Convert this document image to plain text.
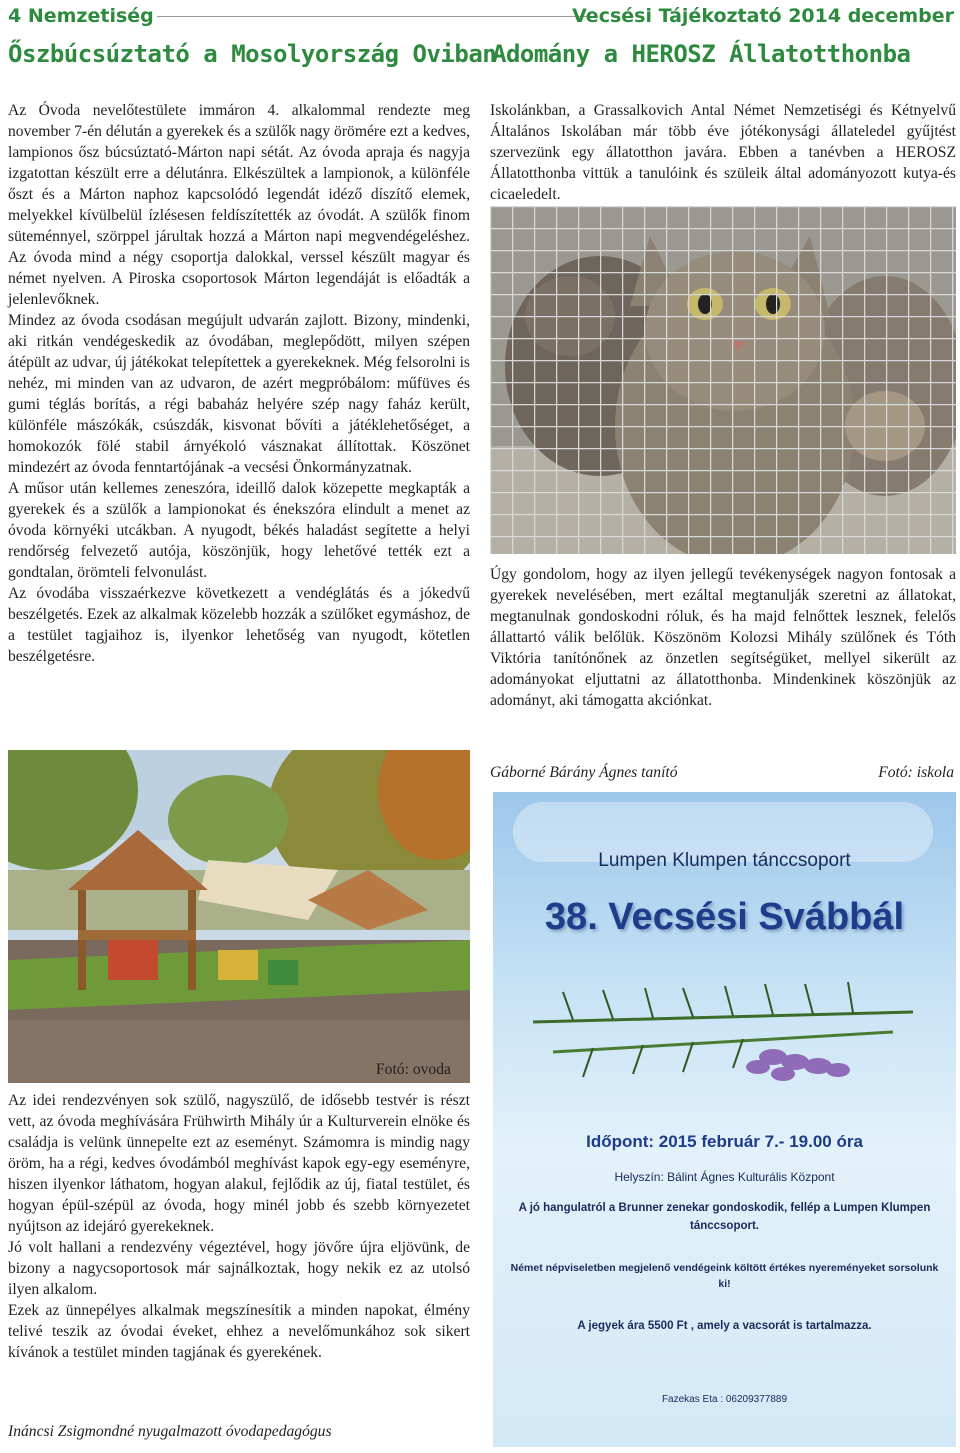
4 Nemzetiség	Vecsési Tájékoztató 2014 december
Őszbúcsúztató a Mosolyország Oviban
Adomány a HEROSZ Állatotthonba

Az Óvoda nevelőtestülete immáron 4. alkalommal rendezte meg november 7-én délután a gyerekek és a szülők nagy örömére ezt a kedves, lampionos ősz búcsúztató-Márton napi sétát. Az óvoda apraja és nagyja izgatottan készült erre a délutánra. Elkészültek a lampionok, a különféle őszt és a Márton naphoz kapcsolódó legendát idéző díszítő elemek, melyekkel kívülbelül ízlésesen feldíszítették az óvodát. A szülők finom süteménnyel, szörppel járultak hozzá a Márton napi megvendégeléshez. Az óvoda mind a négy csoportja dalokkal, verssel készült magyar és német nyelven. A Piroska csoportosok Márton legendáját is előadták a jelenlevőknek.

Mindez az óvoda csodásan megújult udvarán zajlott. Bizony, mindenki, aki ritkán vendégeskedik az óvodában, meglepődött, milyen szépen átépült az udvar, új játékokat telepítettek a gyerekeknek. Még felsorolni is nehéz, mi minden van az udvaron, de azért megpróbálom: műfüves és gumi téglás borítás, a régi babaház helyére szép nagy faház került, különféle mászókák, csúszdák, kisvonat bővíti a játéklehetőséget, a homokozók fölé stabil árnyékoló vásznakat állítottak. Köszönet mindezért az óvoda fenntartójának -a vecsési Önkormányzatnak.

A műsor után kellemes zeneszóra, ideillő dalok közepette megkapták a gyerekek és a szülők a lampionokat és énekszóra elindult a menet az óvoda környéki utcákban. A nyugodt, békés haladást segítette a helyi rendőrség felvezető autója, köszönjük, hogy lehetővé tették ezt a gondtalan, örömteli felvonulást.

Az óvodába visszaérkezve következett a vendéglátás és a jókedvű beszélgetés. Ezek az alkalmak közelebb hozzák a szülőket egymáshoz, de a testület tagjaihoz is, ilyenkor lehetőség van nyugodt, kötetlen beszélgetésre.

Fotó: ovoda

Az idei rendezvényen sok szülő, nagyszülő, de idősebb testvér is részt vett, az óvoda meghívására Frühwirth Mihály úr a Kulturverein elnöke és családja is velünk ünnepelte ezt az eseményt. Számomra is mindig nagy öröm, ha a régi, kedves óvodámból meghívást kapok egy-egy eseményre, hiszen ilyenkor láthatom, hogyan alakul, fejlődik az új, fiatal testület, és hogyan épül-szépül az óvoda, hogy minél jobb és szebb környezetet nyújtson az idejáró gyerekeknek.

Jó volt hallani a rendezvény végeztével, hogy jövőre újra eljövünk, de bizony a nagycsoportosok már sajnálkoztak, hogy nekik ez az utolsó ilyen alkalom.

Ezek az ünnepélyes alkalmak megszínesítik a minden napokat, élmény telivé teszik az óvodai éveket, ehhez a nevelőmunkához sok sikert kívánok a testület minden tagjának és gyerekének.

Ináncsi Zsigmondné nyugalmazott óvodapedagógus

Iskolánkban, a Grassalkovich Antal Német Nemzetiségi és Kétnyelvű Általános Iskolában már több éve jótékonysági állateledel gyűjtést szervezünk egy állatotthon javára. Ebben a tanévben a HEROSZ Állatotthonba vittük a tanulóink és szüleik által adományozott kutya-és cicaeledelt.

Úgy gondolom, hogy az ilyen jellegű tevékenységek nagyon fontosak a gyerekek nevelésében, mert ezáltal megtanulják szeretni az állatokat, megtanulnak gondoskodni róluk, és ha majd felnőttek lesznek, felelős állattartó válik belőlük. Köszönöm Kolozsi Mihály szülőnek és Tóth Viktória tanítónőnek az önzetlen segítségüket, mellyel sikerült az adományokat eljuttatni az állatotthonba. Mindenkinek köszönjük az adományt, aki támogatta akciónkat.

Gáborné Bárány Ágnes tanító	Fotó: iskola
Lumpen Klumpen tánccsoport
38. Vecsési Svábbál
Időpont: 2015 február 7.- 19.00 óra
Helyszín: Bálint Ágnes Kulturális Központ
A jó hangulatról a Brunner zenekar gondoskodik, fellép a Lumpen Klumpen
tánccsoport.
Német népviseletben megjelenő vendégeink költött értékes nyereményeket sorsolunk
ki!
A jegyek ára 5500 Ft , amely a vacsorát is tartalmazza.
Fazekas Eta : 06209377889
